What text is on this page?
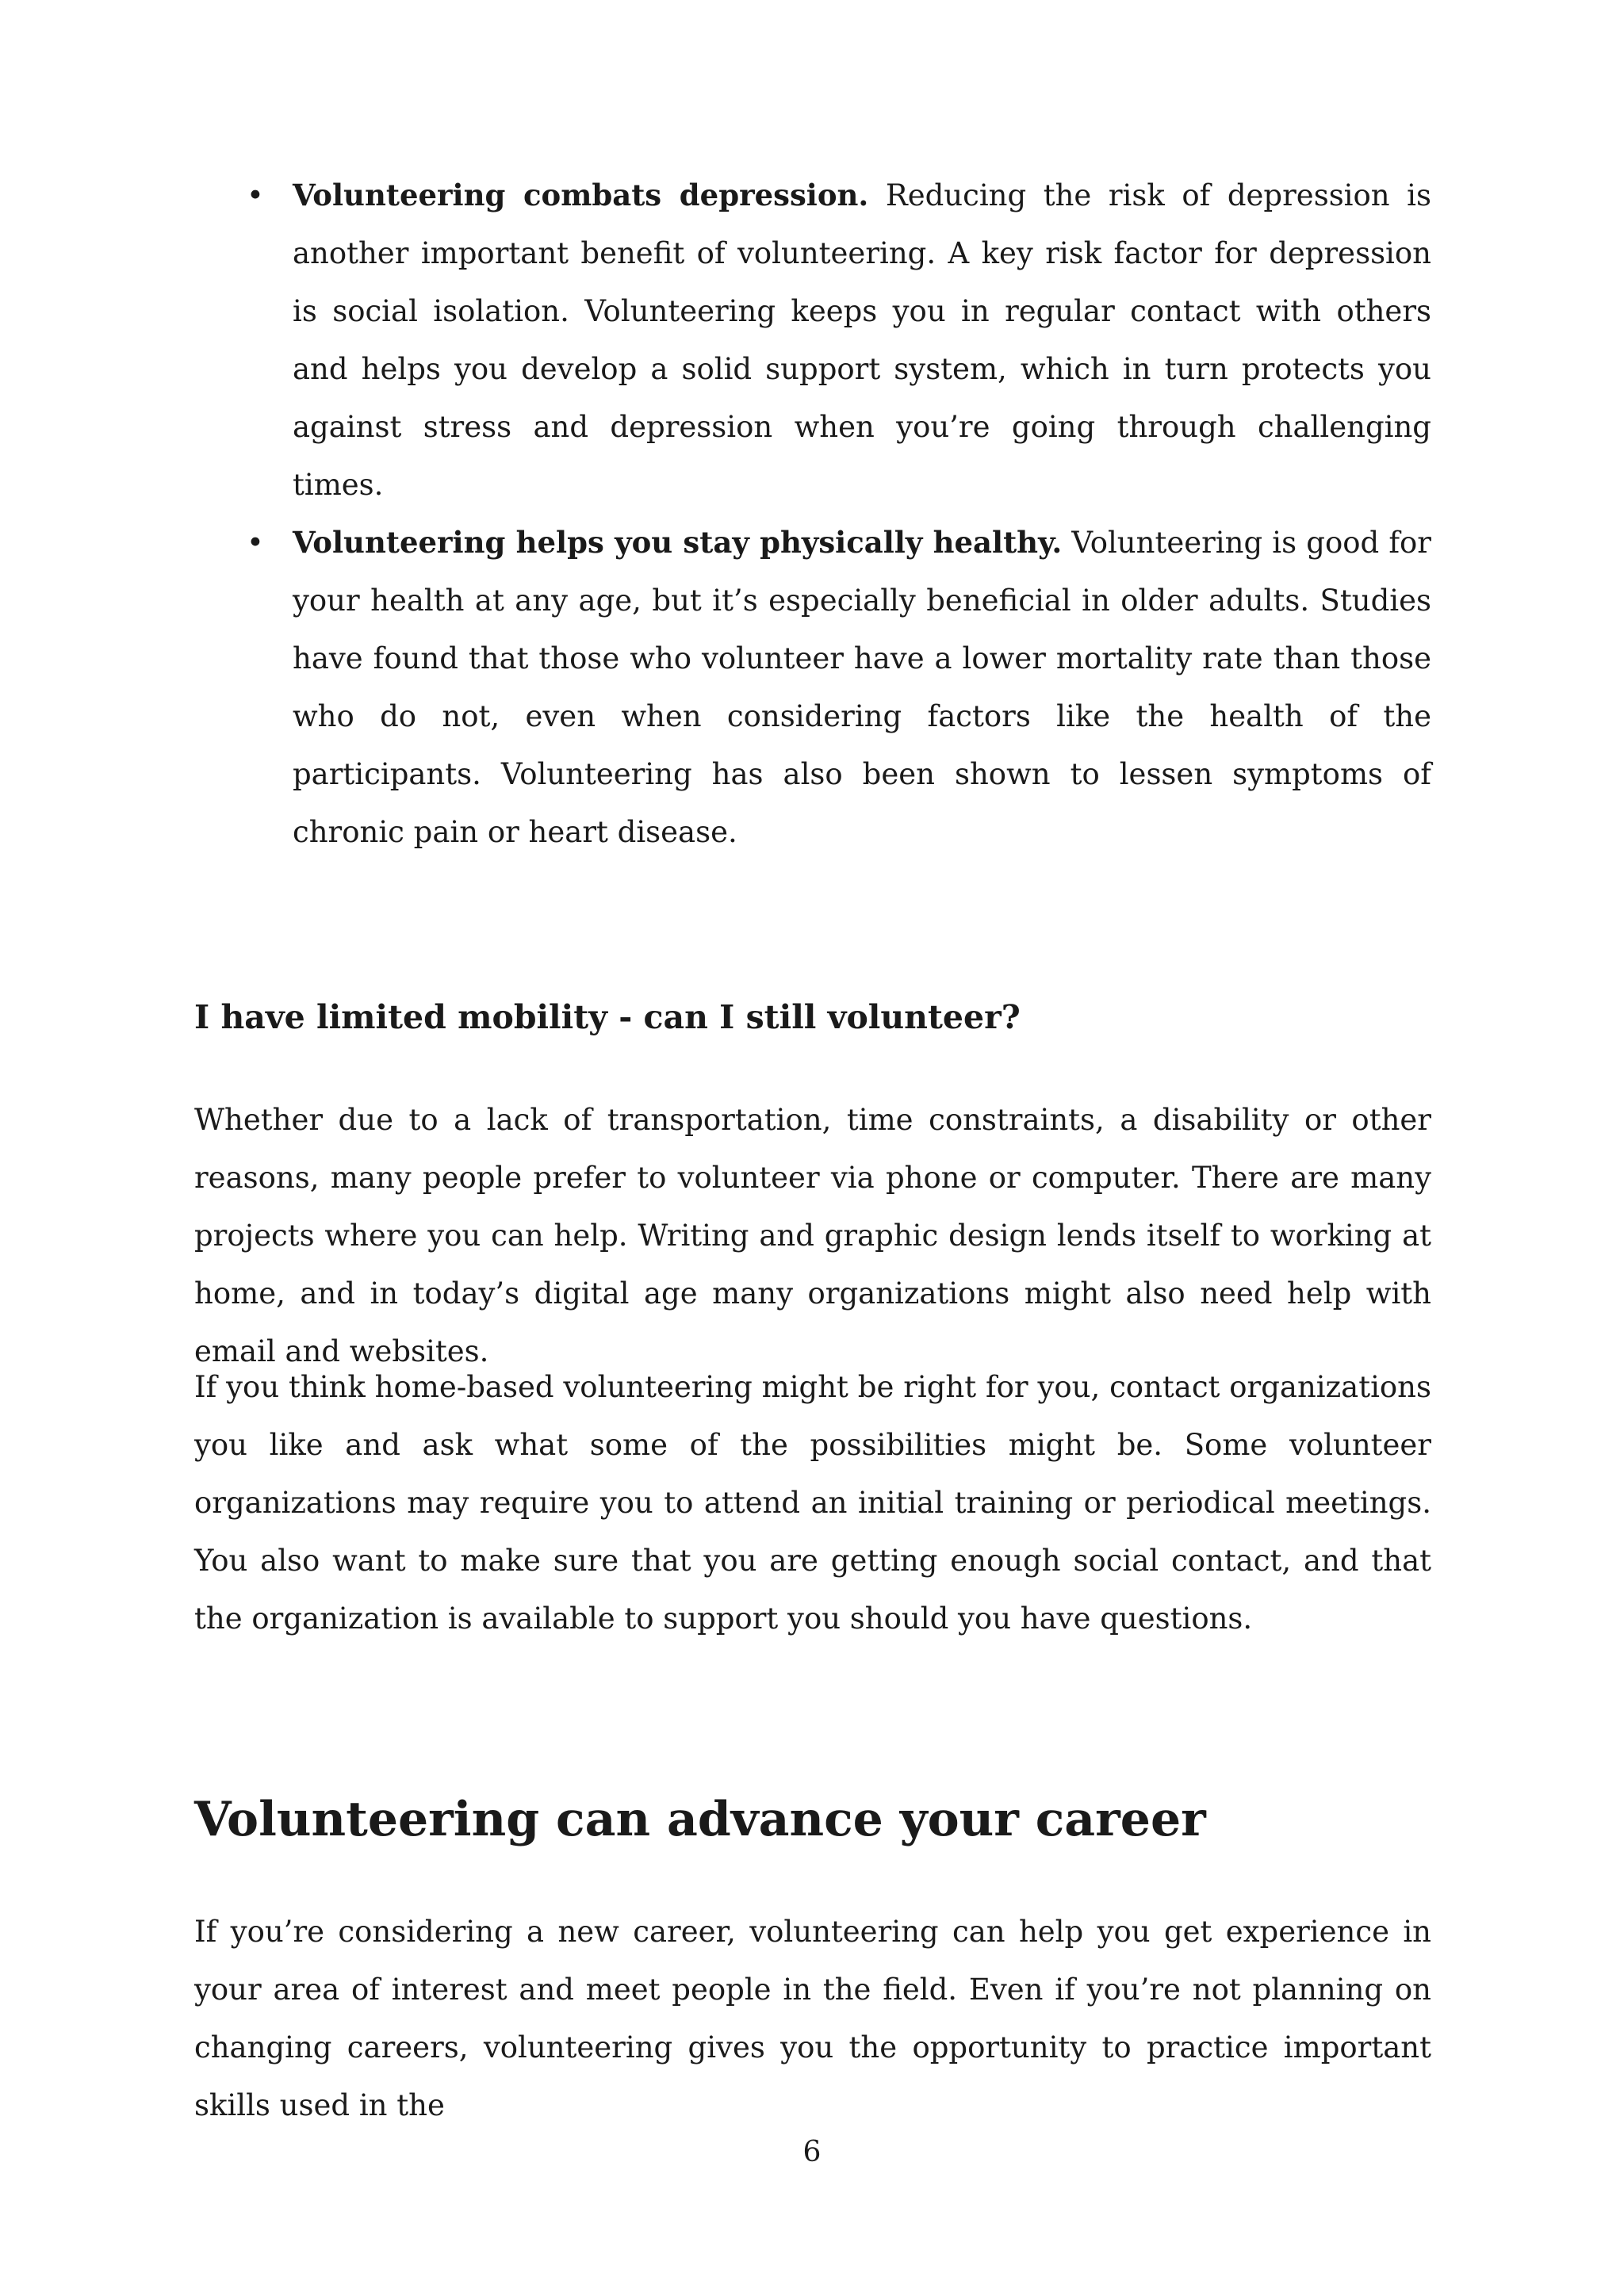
• Volunteering combats depression. Reducing the risk of depression is another important benefit of volunteering. A key risk factor for depression is social isolation. Volunteering keeps you in regular contact with others and helps you develop a solid support system, which in turn protects you against stress and depression when you’re going through challenging times.
• Volunteering helps you stay physically healthy. Volunteering is good for your health at any age, but it’s especially beneficial in older adults. Studies have found that those who volunteer have a lower mortality rate than those who do not, even when considering factors like the health of the participants. Volunteering has also been shown to lessen symptoms of chronic pain or heart disease.
I have limited mobility - can I still volunteer?

Whether due to a lack of transportation, time constraints, a disability or other reasons, many people prefer to volunteer via phone or computer. There are many projects where you can help. Writing and graphic design lends itself to working at home, and in today’s digital age many organizations might also need help with email and websites.

If you think home-based volunteering might be right for you, contact organizations you like and ask what some of the possibilities might be. Some volunteer organizations may require you to attend an initial training or periodical meetings. You also want to make sure that you are getting enough social contact, and that the organization is available to support you should you have questions.

Volunteering can advance your career

If you’re considering a new career, volunteering can help you get experience in your area of interest and meet people in the field. Even if you’re not planning on changing careers, volunteering gives you the opportunity to practice important skills used in the

6
